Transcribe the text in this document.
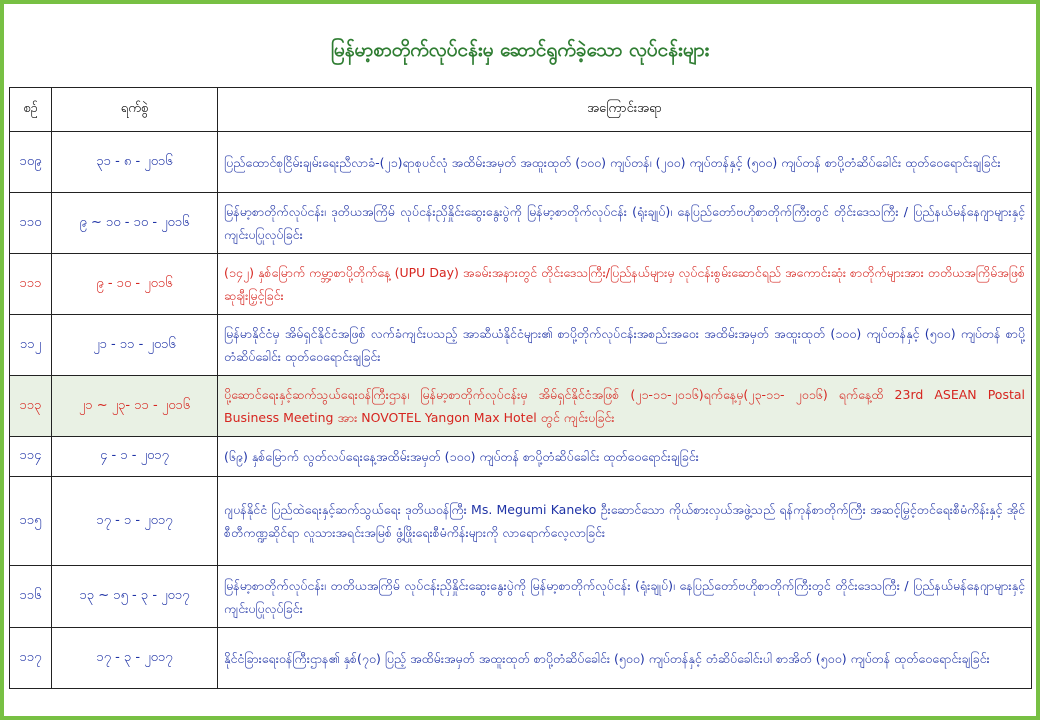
မြန်မာ့စာတိုက်လုပ်ငန်းမှ ဆောင်ရွက်ခဲ့သော လုပ်ငန်းများ
စဉ်	ရက်စွဲ	အကြောင်းအရာ
၁၀၉	၃၁ - ၈ - ၂၀၁၆	ပြည်ထောင်စုငြိမ်းချမ်းရေးညီလာခံ-(၂၁)ရာစုပင်လုံ အထိမ်းအမှတ် အထူးထုတ် (၁၀၀) ကျပ်တန်၊ (၂၀၀) ကျပ်တန်နှင့် (၅၀၀) ကျပ်တန် စာပို့တံဆိပ်ခေါင်း ထုတ်ဝေရောင်းချခြင်း
၁၁၀	၉ ~ ၁၀ - ၁၀ - ၂၀၁၆	မြန်မာ့စာတိုက်လုပ်ငန်း၊ ဒုတိယအကြိမ် လုပ်ငန်းညှိနှိုင်းဆွေးနွေးပွဲကို မြန်မာ့စာတိုက်လုပ်ငန်း (ရုံးချုပ်)၊ နေပြည်တော်ဗဟိုစာတိုက်ကြီးတွင် တိုင်းဒေသကြီး / ပြည်နယ်မန်နေဂျာများနှင့် ကျင်းပပြုလုပ်ခြင်း
၁၁၁	၉ - ၁၀ - ၂၀၁၆	(၁၄၂) နှစ်မြောက် ကမ္ဘာ့စာပို့တိုက်နေ့ (UPU Day) အခမ်းအနားတွင် တိုင်းဒေသကြီး/ပြည်နယ်များမှ လုပ်ငန်းစွမ်းဆောင်ရည် အကောင်းဆုံး စာတိုက်များအား တတိယအကြိမ်အဖြစ် ဆုချီးမြှင့်ခြင်း
၁၁၂	၂၁ - ၁၁ - ၂၀၁၆	မြန်မာနိုင်ငံမှ အိမ်ရှင်နိုင်ငံအဖြစ် လက်ခံကျင်းပသည့် အာဆီယံနိုင်ငံများ၏ စာပို့တိုက်လုပ်ငန်းအစည်းအဝေး အထိမ်းအမှတ် အထူးထုတ် (၁၀၀) ကျပ်တန်နှင့် (၅၀၀) ကျပ်တန် စာပို့တံဆိပ်ခေါင်း ထုတ်ဝေရောင်းချခြင်း
၁၁၃	၂၁ ~ ၂၃- ၁၁ - ၂၀၁၆	ပို့ဆောင်ရေးနှင့်ဆက်သွယ်ရေးဝန်ကြီးဌာန၊ မြန်မာ့စာတိုက်လုပ်ငန်းမှ အိမ်ရှင်နိုင်ငံအဖြစ် (၂၁-၁၁-၂၀၁၆)ရက်နေ့မှ(၂၃-၁၁- ၂၀၁၆) ရက်နေ့ထိ 23rd ASEAN Postal Business Meeting အား NOVOTEL Yangon Max Hotel တွင် ကျင်းပခြင်း
၁၁၄	၄ - ၁ - ၂၀၁၇	(၆၉) နှစ်မြောက် လွတ်လပ်ရေးနေ့အထိမ်းအမှတ် (၁၀၀) ကျပ်တန် စာပို့တံဆိပ်ခေါင်း ထုတ်ဝေရောင်းချခြင်း
၁၁၅	၁၇ - ၁ - ၂၀၁၇	ဂျပန်နိုင်ငံ ပြည်ထဲရေးနှင့်ဆက်သွယ်ရေး ဒုတိယဝန်ကြီး Ms. Megumi Kaneko ဦးဆောင်သော ကိုယ်စားလှယ်အဖွဲ့သည် ရန်ကုန်စာတိုက်ကြီး အဆင့်မြှင့်တင်ရေးစီမံကိန်းနှင့် အိုင်စီတီကဏ္ဍဆိုင်ရာ လူသားအရင်းအမြစ် ဖွံ့ဖြိုးရေးစီမံကိန်းများကို လာရောက်လေ့လာခြင်း
၁၁၆	၁၃ ~ ၁၅ - ၃ - ၂၀၁၇	မြန်မာ့စာတိုက်လုပ်ငန်း၊ တတိယအကြိမ် လုပ်ငန်းညှိနှိုင်းဆွေးနွေးပွဲကို မြန်မာ့စာတိုက်လုပ်ငန်း (ရုံးချုပ်)၊ နေပြည်တော်ဗဟိုစာတိုက်ကြီးတွင် တိုင်းဒေသကြီး / ပြည်နယ်မန်နေဂျာများနှင့် ကျင်းပပြုလုပ်ခြင်း
၁၁၇	၁၇ - ၃ - ၂၀၁၇	နိုင်ငံခြားရေးဝန်ကြီးဌာန၏ နှစ်(၇၀) ပြည့် အထိမ်းအမှတ် အထူးထုတ် စာပို့တံဆိပ်ခေါင်း (၅၀၀) ကျပ်တန်နှင့် တံဆိပ်ခေါင်းပါ စာအိတ် (၅၀၀) ကျပ်တန် ထုတ်ဝေရောင်းချခြင်း
